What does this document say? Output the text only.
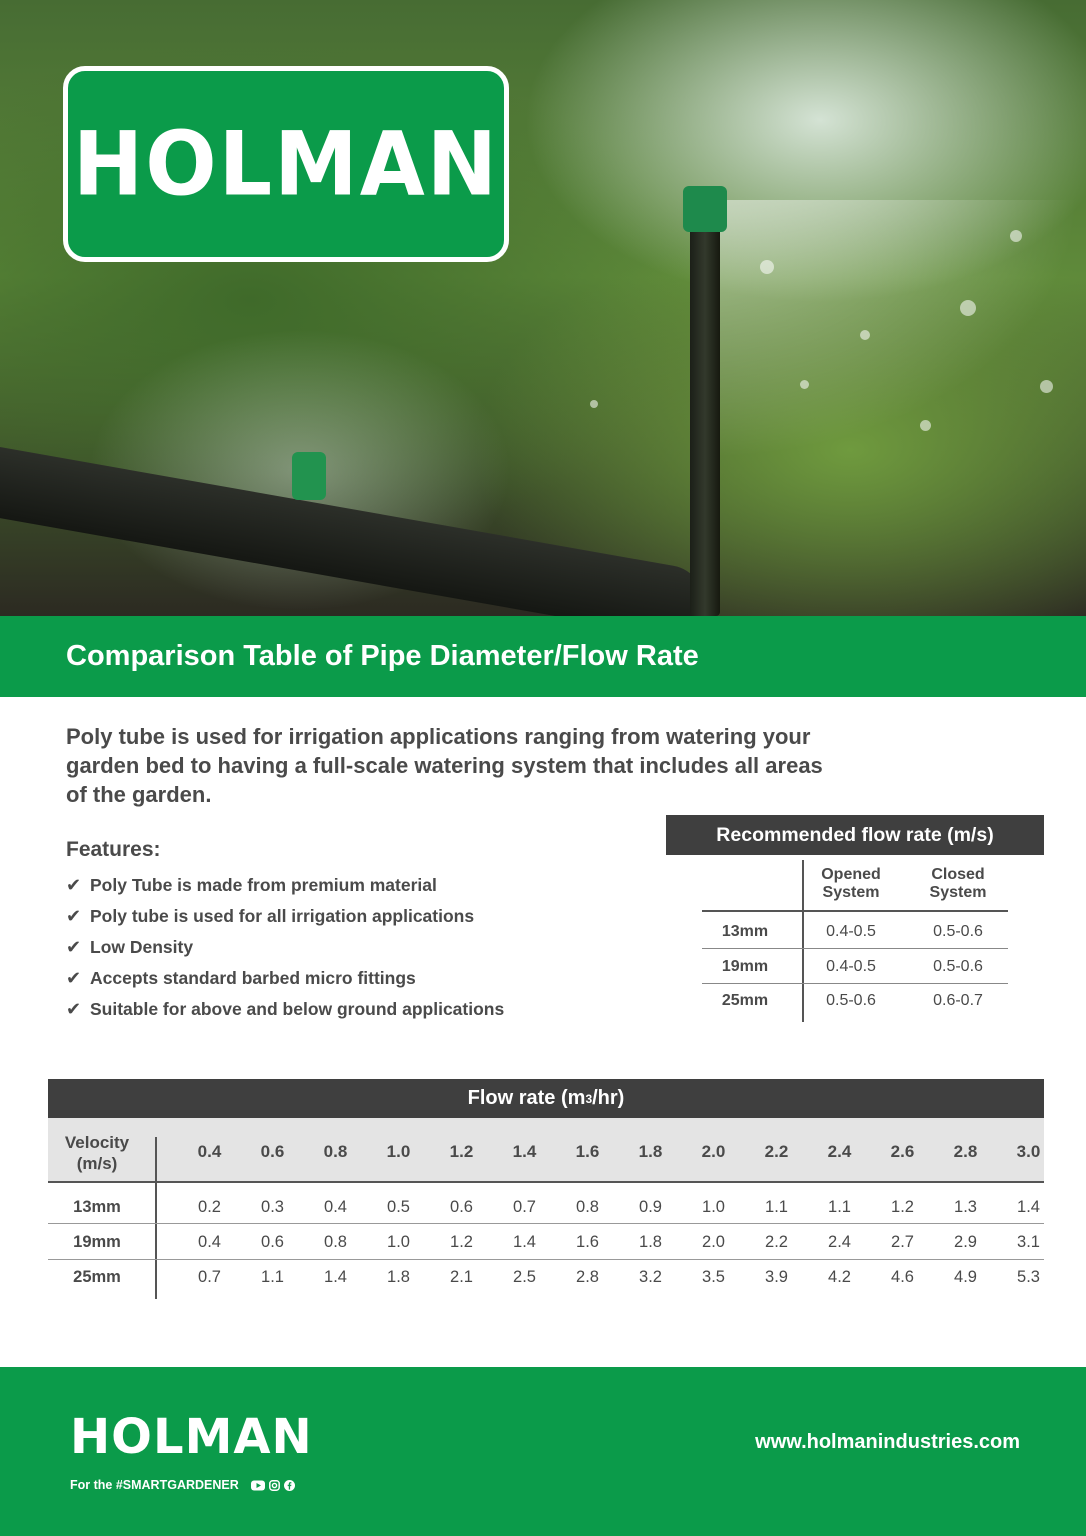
HOLMAN
Comparison Table of Pipe Diameter/Flow Rate

Poly tube is used for irrigation applications ranging from watering your garden bed to having a full-scale watering system that includes all areas of the garden.

Features:
✔ Poly Tube is made from premium material
✔ Poly tube is used for all irrigation applications
✔ Low Density
✔ Accepts standard barbed micro fittings
✔ Suitable for above and below ground applications
Recommended flow rate (m/s)
Opened System
Closed System
13mm	0.4-0.5	0.5-0.6
19mm	0.4-0.5	0.5-0.6
25mm	0.5-0.6	0.6-0.7
Flow rate (m 3 /hr)
Velocity
(m/s)
0.4	0.6	0.8	1.0	1.2	1.4	1.6	1.8	2.0	2.2	2.4	2.6	2.8	3.0
13mm	0.2	0.3	0.4	0.5	0.6	0.7	0.8	0.9	1.0	1.1	1.1	1.2	1.3	1.4
19mm	0.4	0.6	0.8	1.0	1.2	1.4	1.6	1.8	2.0	2.2	2.4	2.7	2.9	3.1
25mm	0.7	1.1	1.4	1.8	2.1	2.5	2.8	3.2	3.5	3.9	4.2	4.6	4.9	5.3
HOLMAN
For the #SMARTGARDENER
www.holmanindustries.com
